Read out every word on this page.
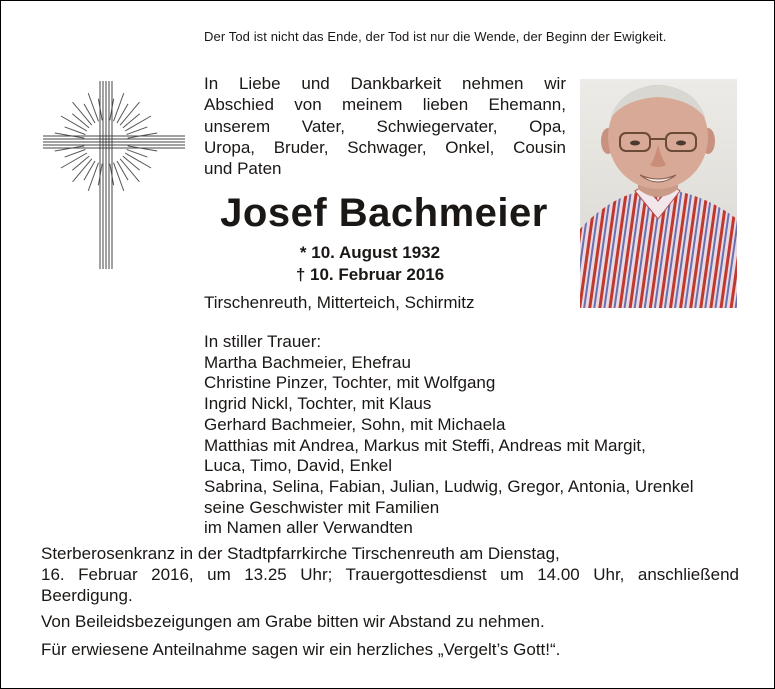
Der Tod ist nicht das Ende, der Tod ist nur die Wende, der Beginn der Ewigkeit.
In Liebe und Dankbarkeit nehmen wir
Abschied von meinem lieben Ehemann,
unserem Vater, Schwiegervater, Opa,
Uropa, Bruder, Schwager, Onkel, Cousin
und Paten
Josef Bachmeier
* 10. August 1932
† 10. Februar 2016
Tirschenreuth, Mitterteich, Schirmitz
In stiller Trauer:
Martha Bachmeier, Ehefrau
Christine Pinzer, Tochter, mit Wolfgang
Ingrid Nickl, Tochter, mit Klaus
Gerhard Bachmeier, Sohn, mit Michaela
Matthias mit Andrea, Markus mit Steffi, Andreas mit Margit,
Luca, Timo, David, Enkel
Sabrina, Selina, Fabian, Julian, Ludwig, Gregor, Antonia, Urenkel
seine Geschwister mit Familien
im Namen aller Verwandten
Sterberosenkranz in der Stadtpfarrkirche Tirschenreuth am Dienstag,
16. Februar 2016, um 13.25 Uhr; Trauergottesdienst um 14.00 Uhr, anschließend
Beerdigung.
Von Beileidsbezeigungen am Grabe bitten wir Abstand zu nehmen.
Für erwiesene Anteilnahme sagen wir ein herzliches „Vergelt’s Gott!“.
